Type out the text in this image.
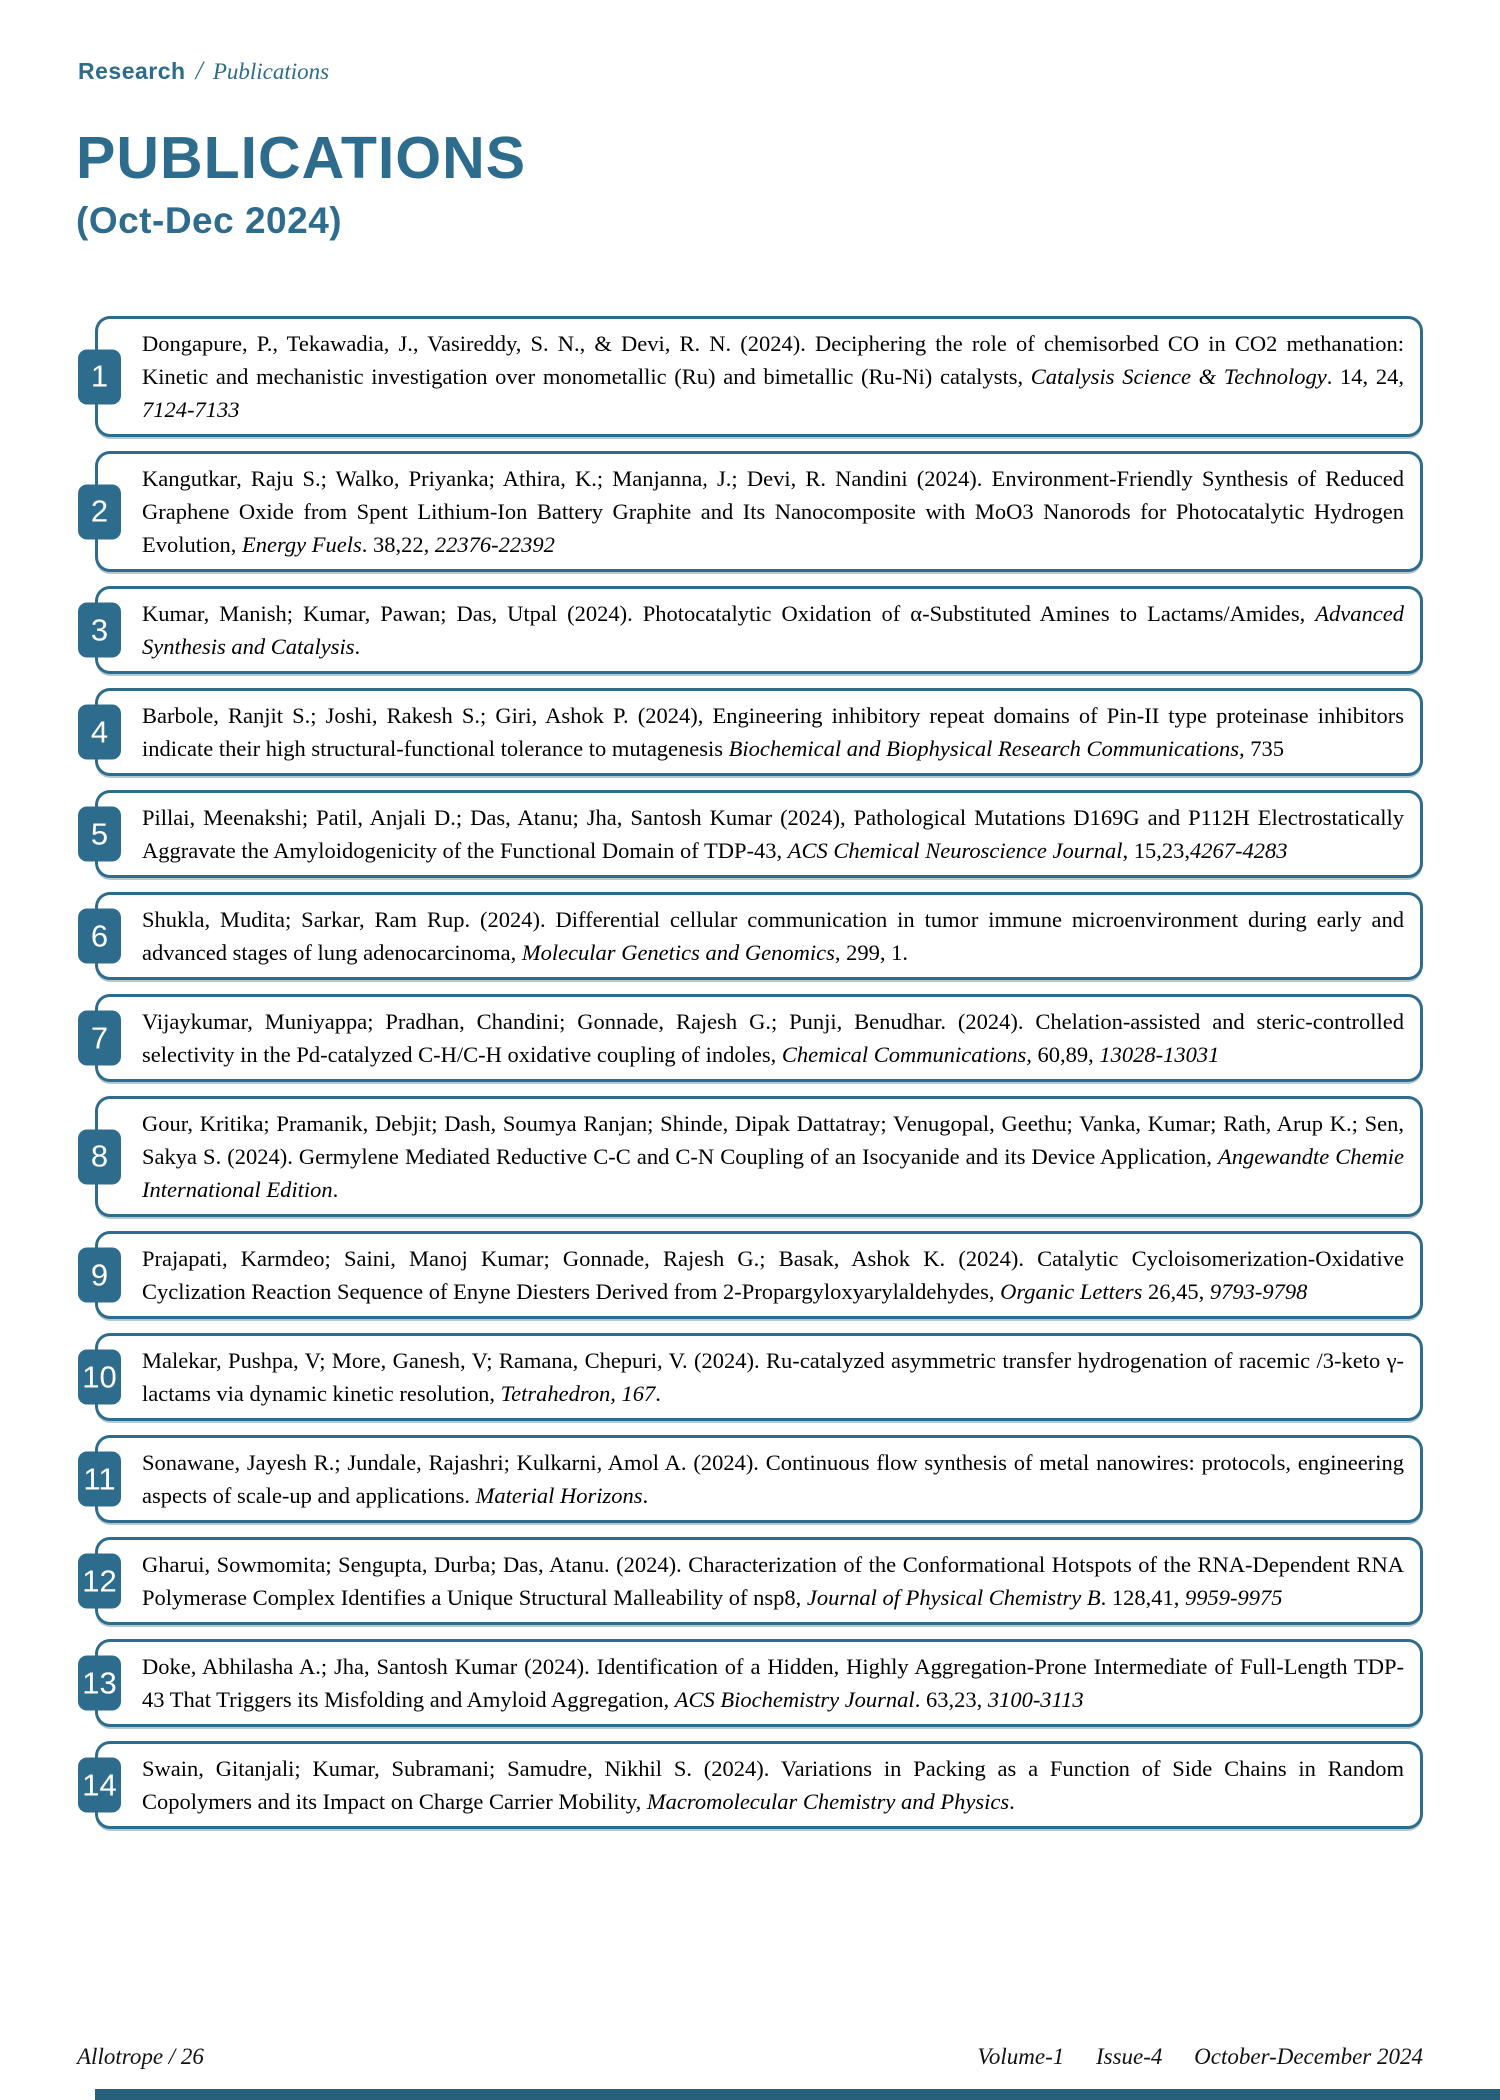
Research / Publications
PUBLICATIONS
(Oct-Dec 2024)
1
Dongapure, P., Tekawadia, J., Vasireddy, S. N., & Devi, R. N. (2024). Deciphering the role of chemisorbed CO in CO2 methanation: Kinetic and mechanistic investigation over monometallic (Ru) and bimetallic (Ru-Ni) catalysts, Catalysis Science & Technology. 14, 24, 7124-7133
2
Kangutkar, Raju S.; Walko, Priyanka; Athira, K.; Manjanna, J.; Devi, R. Nandini (2024). Environment-Friendly Synthesis of Reduced Graphene Oxide from Spent Lithium-Ion Battery Graphite and Its Nanocomposite with MoO3 Nanorods for Photocatalytic Hydrogen Evolution, Energy Fuels. 38,22, 22376-22392
3	Kumar, Manish; Kumar, Pawan; Das, Utpal (2024). Photocatalytic Oxidation of α-Substituted Amines to Lactams/Amides, Advanced Synthesis and Catalysis.
4	Barbole, Ranjit S.; Joshi, Rakesh S.; Giri, Ashok P. (2024), Engineering inhibitory repeat domains of Pin-II type proteinase inhibitors indicate their high structural-functional tolerance to mutagenesis Biochemical and Biophysical Research Communications, 735
5	Pillai, Meenakshi; Patil, Anjali D.; Das, Atanu; Jha, Santosh Kumar (2024), Pathological Mutations D169G and P112H Electrostatically Aggravate the Amyloidogenicity of the Functional Domain of TDP-43, ACS Chemical Neuroscience Journal, 15,23,4267-4283
6	Shukla, Mudita; Sarkar, Ram Rup. (2024). Differential cellular communication in tumor immune microenvironment during early and advanced stages of lung adenocarcinoma, Molecular Genetics and Genomics, 299, 1.
7	Vijaykumar, Muniyappa; Pradhan, Chandini; Gonnade, Rajesh G.; Punji, Benudhar. (2024). Chelation-assisted and steric-controlled selectivity in the Pd-catalyzed C-H/C-H oxidative coupling of indoles, Chemical Communications, 60,89, 13028-13031
8
Gour, Kritika; Pramanik, Debjit; Dash, Soumya Ranjan; Shinde, Dipak Dattatray; Venugopal, Geethu; Vanka, Kumar; Rath, Arup K.; Sen, Sakya S. (2024). Germylene Mediated Reductive C-C and C-N Coupling of an Isocyanide and its Device Application, Angewandte Chemie International Edition.
9	Prajapati, Karmdeo; Saini, Manoj Kumar; Gonnade, Rajesh G.; Basak, Ashok K. (2024). Catalytic Cycloisomerization-Oxidative Cyclization Reaction Sequence of Enyne Diesters Derived from 2-Propargyloxyarylaldehydes, Organic Letters 26,45, 9793-9798
10 Malekar, Pushpa, V; More, Ganesh, V; Ramana, Chepuri, V. (2024). Ru-catalyzed asymmetric transfer hydrogenation of racemic /3-keto γ-lactams via dynamic kinetic resolution, Tetrahedron, 167.
11 Sonawane, Jayesh R.; Jundale, Rajashri; Kulkarni, Amol A. (2024). Continuous flow synthesis of metal nanowires: protocols, engineering aspects of scale-up and applications. Material Horizons.
12 Gharui, Sowmomita; Sengupta, Durba; Das, Atanu. (2024). Characterization of the Conformational Hotspots of the RNA-Dependent RNA Polymerase Complex Identifies a Unique Structural Malleability of nsp8, Journal of Physical Chemistry B. 128,41, 9959-9975
13 Doke, Abhilasha A.; Jha, Santosh Kumar (2024). Identification of a Hidden, Highly Aggregation-Prone Intermediate of Full-Length TDP-43 That Triggers its Misfolding and Amyloid Aggregation, ACS Biochemistry Journal. 63,23, 3100-3113
14 Swain, Gitanjali; Kumar, Subramani; Samudre, Nikhil S. (2024). Variations in Packing as a Function of Side Chains in Random Copolymers and its Impact on Charge Carrier Mobility, Macromolecular Chemistry and Physics.
Allotrope / 26	Volume-1 Issue-4 October-December 2024
